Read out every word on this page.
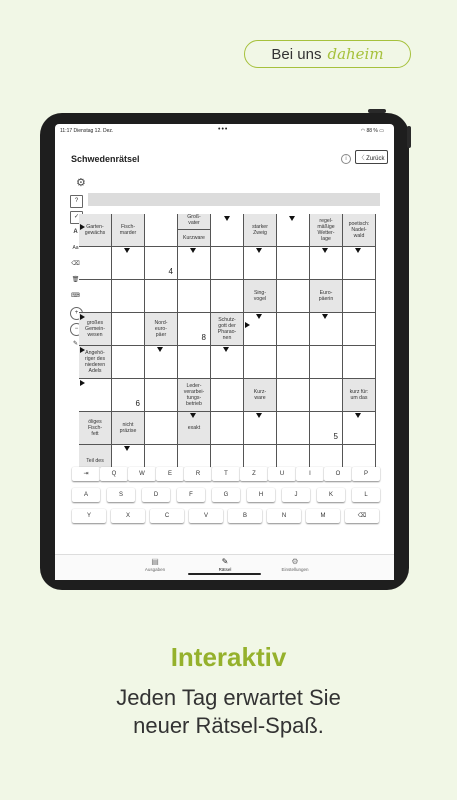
Bei uns daheim
11:17 Dienstag 12. Dez.	•••	◠ 88 % ▭
Schwedenrätsel	i	〈 Zurück
⚙
?
✓
A
Aa
⌫
🗑
⌨
+
−
✎
Garten-
gewächs
Fisch-
marder
Groß-
vater
Kurzware
starker
Zweig
regel-
mäßige
Wetter-
lage
poetisch:
Nadel-
wald
4
Sing-
vogel
Euro-
päerin
großes
Gemein-
wesen
Nord-
euro-
päer	8
Schutz-
gott der
Pharao-
nen
Angehö-
riger des
niederen
Adels
6
Leder-
verarbei-
tungs-
betrieb
Kurz-
ware
kurz für:
um das
öliges
Fisch-
fett
nicht
präzise	exakt
5
Teil des
⇥	Q	W	E	R	T	Z	U	I	O	P
A	S	D	F	G	H	J	K	L
Y	X	C	V	B	N	M	⌫
▤
Ausgaben
✎
Rätsel
⚙
Einstellungen
Interaktiv
Jeden Tag erwartet Sie
neuer Rätsel-Spaß.
